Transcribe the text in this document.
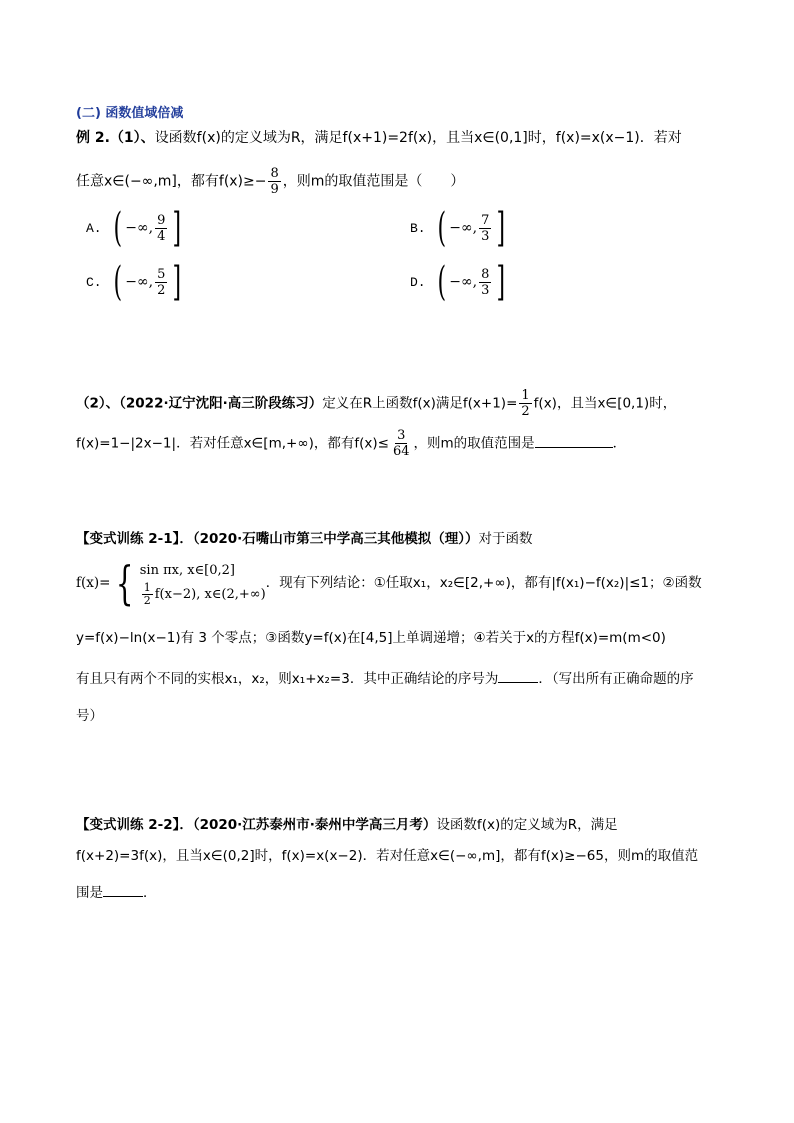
(二) 函数值域倍减
例 2.（1）、设函数f(x)的定义域为R，满足f(x+1)=2f(x)，且当x∈(0,1]时，f(x)=x(x−1)．若对
任意x∈(−∞,m]，都有$f(x)\ge- \frac{8}{9}$ ，则m的取值范围是（　　）
A. ( −∞, $\frac{9}{4}$ ]	B. ( −∞, $\frac{7}{3}$ ]
C. ( −∞, $\frac{5}{2}$ ]	D. ( −∞, $\frac{8}{3}$ ]
（2）、（2022·辽宁沈阳·高三阶段练习）定义在R上函数f(x)满足$f(x+1)= \frac{1}{2} f(x)$，且当x∈[0,1)时，
f(x)=1−|2x−1|．若对任意x∈[m,+∞)，都有$f(x)\le \frac{3}{64}$ ，则m的取值范围是	．
【变式训练 2-1】．（2020·石嘴山市第三中学高三其他模拟（理））对于函数
f(x)= { sin πx, x∈[0,2]
$\frac{1}{2} f(x-2)$, x∈(2,+∞)
．现有下列结论：①任取x₁，x₂∈[2,+∞)，都有|f(x₁)−f(x₂)|≤1；②函数
y=f(x)−ln(x−1)有 3 个零点；③函数y=f(x)在[4,5]上单调递增；④若关于x的方程f(x)=m(m<0)
有且只有两个不同的实根x₁，x₂，则x₁+x₂=3．其中正确结论的序号为	．（写出所有正确命题的序
号）
【变式训练 2-2】．（2020·江苏泰州市·泰州中学高三月考）设函数f(x)的定义域为R，满足
f(x+2)=3f(x)，且当x∈(0,2]时，f(x)=x(x−2)．若对任意x∈(−∞,m]，都有f(x)≥−65，则m的取值范
围是	．
